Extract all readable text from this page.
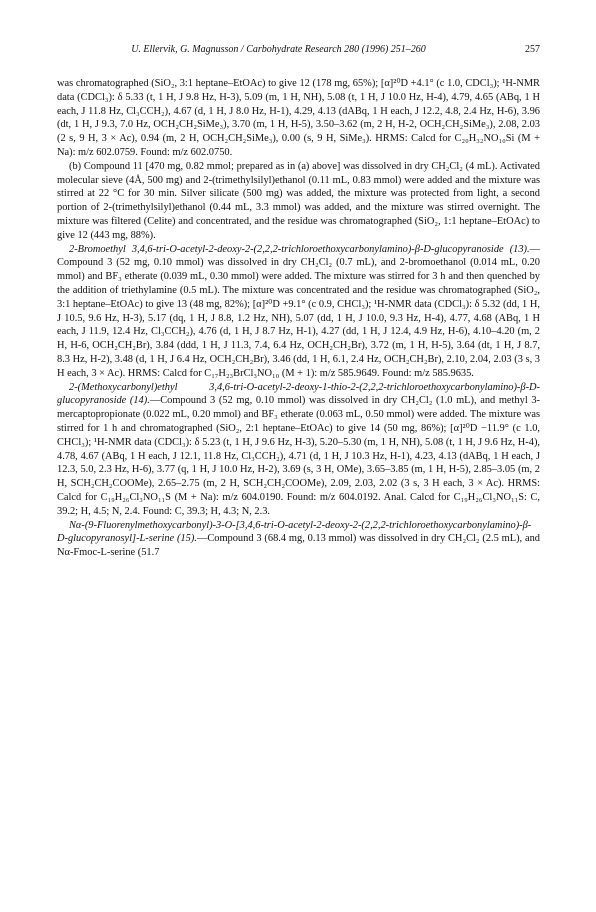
U. Ellervik, G. Magnusson / Carbohydrate Research 280 (1996) 251–260	257

was chromatographed (SiO₂, 3:1 heptane–EtOAc) to give 12 (178 mg, 65%); [α]²⁰D +4.1° (c 1.0, CDCl₃); ¹H-NMR data (CDCl₃): δ 5.33 (t, 1 H, J 9.8 Hz, H-3), 5.09 (m, 1 H, NH), 5.08 (t, 1 H, J 10.0 Hz, H-4), 4.79, 4.65 (ABq, 1 H each, J 11.8 Hz, Cl₃CCH₂), 4.67 (d, 1 H, J 8.0 Hz, H-1), 4.29, 4.13 (dABq, 1 H each, J 12.2, 4.8, 2.4 Hz, H-6), 3.96 (dt, 1 H, J 9.3, 7.0 Hz, OCH₂CH₂SiMe₃), 3.70 (m, 1 H, H-5), 3.50–3.62 (m, 2 H, H-2, OCH₂CH₂SiMe₃), 2.08, 2.03 (2 s, 9 H, 3 × Ac), 0.94 (m, 2 H, OCH₂CH₂SiMe₃), 0.00 (s, 9 H, SiMe₃). HRMS: Calcd for C₂₀H₃₂NO₁₀Si (M + Na): m/z 602.0759. Found: m/z 602.0750.

(b) Compound 11 [470 mg, 0.82 mmol; prepared as in (a) above] was dissolved in dry CH₂Cl₂ (4 mL). Activated molecular sieve (4Å, 500 mg) and 2-(trimethylsilyl)ethanol (0.11 mL, 0.83 mmol) were added and the mixture was stirred at 22 °C for 30 min. Silver silicate (500 mg) was added, the mixture was protected from light, a second portion of 2-(trimethylsilyl)ethanol (0.44 mL, 3.3 mmol) was added, and the mixture was stirred overnight. The mixture was filtered (Celite) and concentrated, and the residue was chromatographed (SiO₂, 1:1 heptane–EtOAc) to give 12 (443 mg, 88%).

2-Bromoethyl 3,4,6-tri-O-acetyl-2-deoxy-2-(2,2,2-trichloroethoxycarbonylamino)-β-D-glucopyranoside (13).—Compound 3 (52 mg, 0.10 mmol) was dissolved in dry CH₂Cl₂ (0.7 mL), and 2-bromoethanol (0.014 mL, 0.20 mmol) and BF₃ etherate (0.039 mL, 0.30 mmol) were added. The mixture was stirred for 3 h and then quenched by the addition of triethylamine (0.5 mL). The mixture was concentrated and the residue was chromatographed (SiO₂, 3:1 heptane–EtOAc) to give 13 (48 mg, 82%); [α]²⁰D +9.1° (c 0.9, CHCl₃); ¹H-NMR data (CDCl₃): δ 5.32 (dd, 1 H, J 10.5, 9.6 Hz, H-3), 5.17 (dq, 1 H, J 8.8, 1.2 Hz, NH), 5.07 (dd, 1 H, J 10.0, 9.3 Hz, H-4), 4.77, 4.68 (ABq, 1 H each, J 11.9, 12.4 Hz, Cl₃CCH₂), 4.76 (d, 1 H, J 8.7 Hz, H-1), 4.27 (dd, 1 H, J 12.4, 4.9 Hz, H-6), 4.10–4.20 (m, 2 H, H-6, OCH₂CH₂Br), 3.84 (ddd, 1 H, J 11.3, 7.4, 6.4 Hz, OCH₂CH₂Br), 3.72 (m, 1 H, H-5), 3.64 (dt, 1 H, J 8.7, 8.3 Hz, H-2), 3.48 (d, 1 H, J 6.4 Hz, OCH₂CH₂Br), 3.46 (dd, 1 H, 6.1, 2.4 Hz, OCH₂CH₂Br), 2.10, 2.04, 2.03 (3 s, 3 H each, 3 × Ac). HRMS: Calcd for C₁₇H₂₃BrCl₃NO₁₀ (M + 1): m/z 585.9649. Found: m/z 585.9635.

2-(Methoxycarbonyl)ethyl 3,4,6-tri-O-acetyl-2-deoxy-1-thio-2-(2,2,2-trichloroethoxycarbonylamino)-β-D-glucopyranoside (14).—Compound 3 (52 mg, 0.10 mmol) was dissolved in dry CH₂Cl₂ (1.0 mL), and methyl 3-mercaptopropionate (0.022 mL, 0.20 mmol) and BF₃ etherate (0.063 mL, 0.50 mmol) were added. The mixture was stirred for 1 h and chromatographed (SiO₂, 2:1 heptane–EtOAc) to give 14 (50 mg, 86%); [α]²⁰D −11.9° (c 1.0, CHCl₃); ¹H-NMR data (CDCl₃): δ 5.23 (t, 1 H, J 9.6 Hz, H-3), 5.20–5.30 (m, 1 H, NH), 5.08 (t, 1 H, J 9.6 Hz, H-4), 4.78, 4.67 (ABq, 1 H each, J 12.1, 11.8 Hz, Cl₃CCH₂), 4.71 (d, 1 H, J 10.3 Hz, H-1), 4.23, 4.13 (dABq, 1 H each, J 12.3, 5.0, 2.3 Hz, H-6), 3.77 (q, 1 H, J 10.0 Hz, H-2), 3.69 (s, 3 H, OMe), 3.65–3.85 (m, 1 H, H-5), 2.85–3.05 (m, 2 H, SCH₂CH₂COOMe), 2.65–2.75 (m, 2 H, SCH₂CH₂COOMe), 2.09, 2.03, 2.02 (3 s, 3 H each, 3 × Ac). HRMS: Calcd for C₁₉H₂₆Cl₃NO₁₁S (M + Na): m/z 604.0190. Found: m/z 604.0192. Anal. Calcd for C₁₉H₂₆Cl₃NO₁₁S: C, 39.2; H, 4.5; N, 2.4. Found: C, 39.3; H, 4.3; N, 2.3.

Nα-(9-Fluorenylmethoxycarbonyl)-3-O-[3,4,6-tri-O-acetyl-2-deoxy-2-(2,2,2-trichloroethoxycarbonylamino)-β-D-glucopyranosyl]-L-serine (15).—Compound 3 (68.4 mg, 0.13 mmol) was dissolved in dry CH₂Cl₂ (2.5 mL), and Nα-Fmoc-L-serine (51.7
